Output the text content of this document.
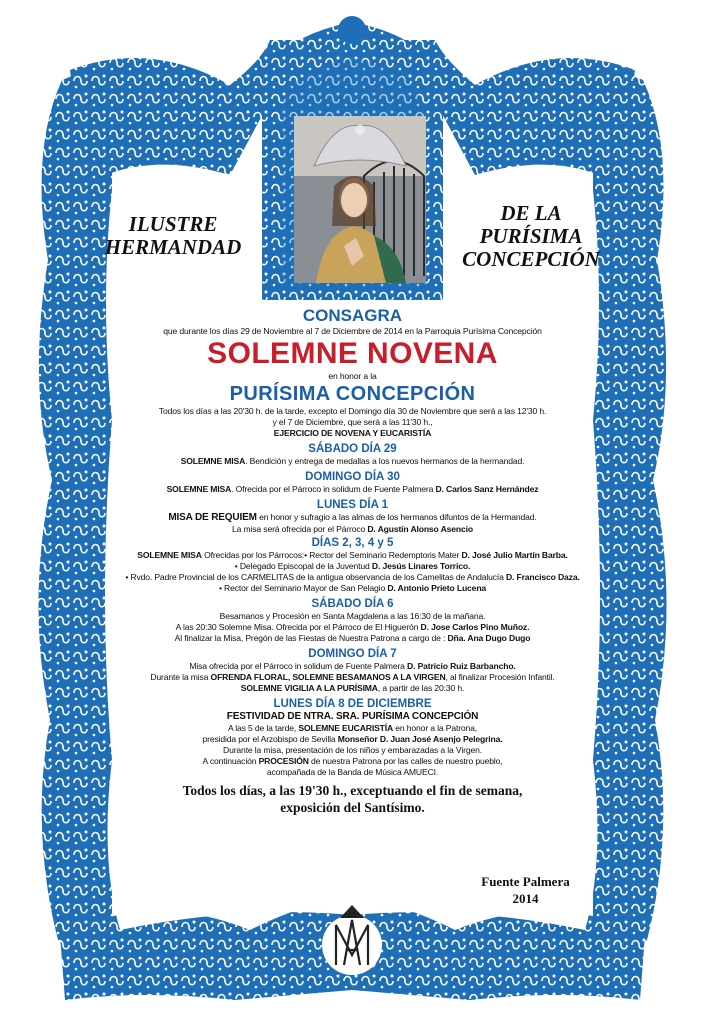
ILUSTRE
HERMANDAD
DE LA
PURÍSIMA
CONCEPCIÓN
CONSAGRA
que durante los días 29 de Noviembre al 7 de Diciembre de 2014 en la Parroquia Purísima Concepción
SOLEMNE NOVENA
en honor a la
PURÍSIMA CONCEPCIÓN
Todos los días a las 20'30 h. de la tarde, excepto el Domingo día 30 de Noviembre que será a las 12'30 h.
y el 7 de Diciembre, que será a las 11'30 h.,
EJERCICIO DE NOVENA Y EUCARISTÍA
SÁBADO DÍA 29
SOLEMNE MISA. Bendición y entrega de medallas a los nuevos hermanos de la hermandad.
DOMINGO DÍA 30
SOLEMNE MISA. Ofrecida por el Párroco in solidum de Fuente Palmera D. Carlos Sanz Hernández
LUNES DÍA 1
MISA DE REQUIEM en honor y sufragio a las almas de los hermanos difuntos de la Hermandad.
La misa será ofrecida por el Párroco D. Agustín Alonso Asencio
DÍAS 2, 3, 4 y 5
SOLEMNE MISA Ofrecidas por los Párrocos:• Rector del Seminario Redemptoris Mater D. José Julio Martín Barba.
• Delegado Episcopal de la Juventud D. Jesús Linares Torrico.
• Rvdo. Padre Provincial de los CARMELITAS de la antigua observancia de los Camelitas de Andalucía D. Francisco Daza.
• Rector del Seminario Mayor de San Pelagio D. Antonio Prieto Lucena
SÁBADO DÍA 6
Besamanos y Procesión en Santa Magdalena a las 16:30 de la mañana.
A las 20:30 Solemne Misa. Ofrecida por el Párroco de El Higuerón D. Jose Carlos Pino Muñoz.
Al finalizar la Misa, Pregón de las Fiestas de Nuestra Patrona a cargo de : Dña. Ana Dugo Dugo
DOMINGO DÍA 7
Misa ofrecida por el Párroco in solidum de Fuente Palmera D. Patricio Ruiz Barbancho.
Durante la misa OFRENDA FLORAL, SOLEMNE BESAMANOS A LA VIRGEN, al finalizar Procesión Infantil.
SOLEMNE VIGILIA A LA PURÍSIMA, a partir de las 20:30 h.
LUNES DÍA 8 DE DICIEMBRE
FESTIVIDAD DE NTRA. SRA. PURÍSIMA CONCEPCIÓN
A las 5 de la tarde, SOLEMNE EUCARISTÍA en honor a la Patrona,
presidida por el Arzobispo de Sevilla Monseñor D. Juan José Asenjo Pelegrina.
Durante la misa, presentación de los niños y embarazadas a la Virgen.
A continuación PROCESIÓN de nuestra Patrona por las calles de nuestro pueblo,
acompañada de la Banda de Música AMUECI.
Todos los días, a las 19'30 h., exceptuando el fin de semana,
exposición del Santísimo.
Fuente Palmera
2014
